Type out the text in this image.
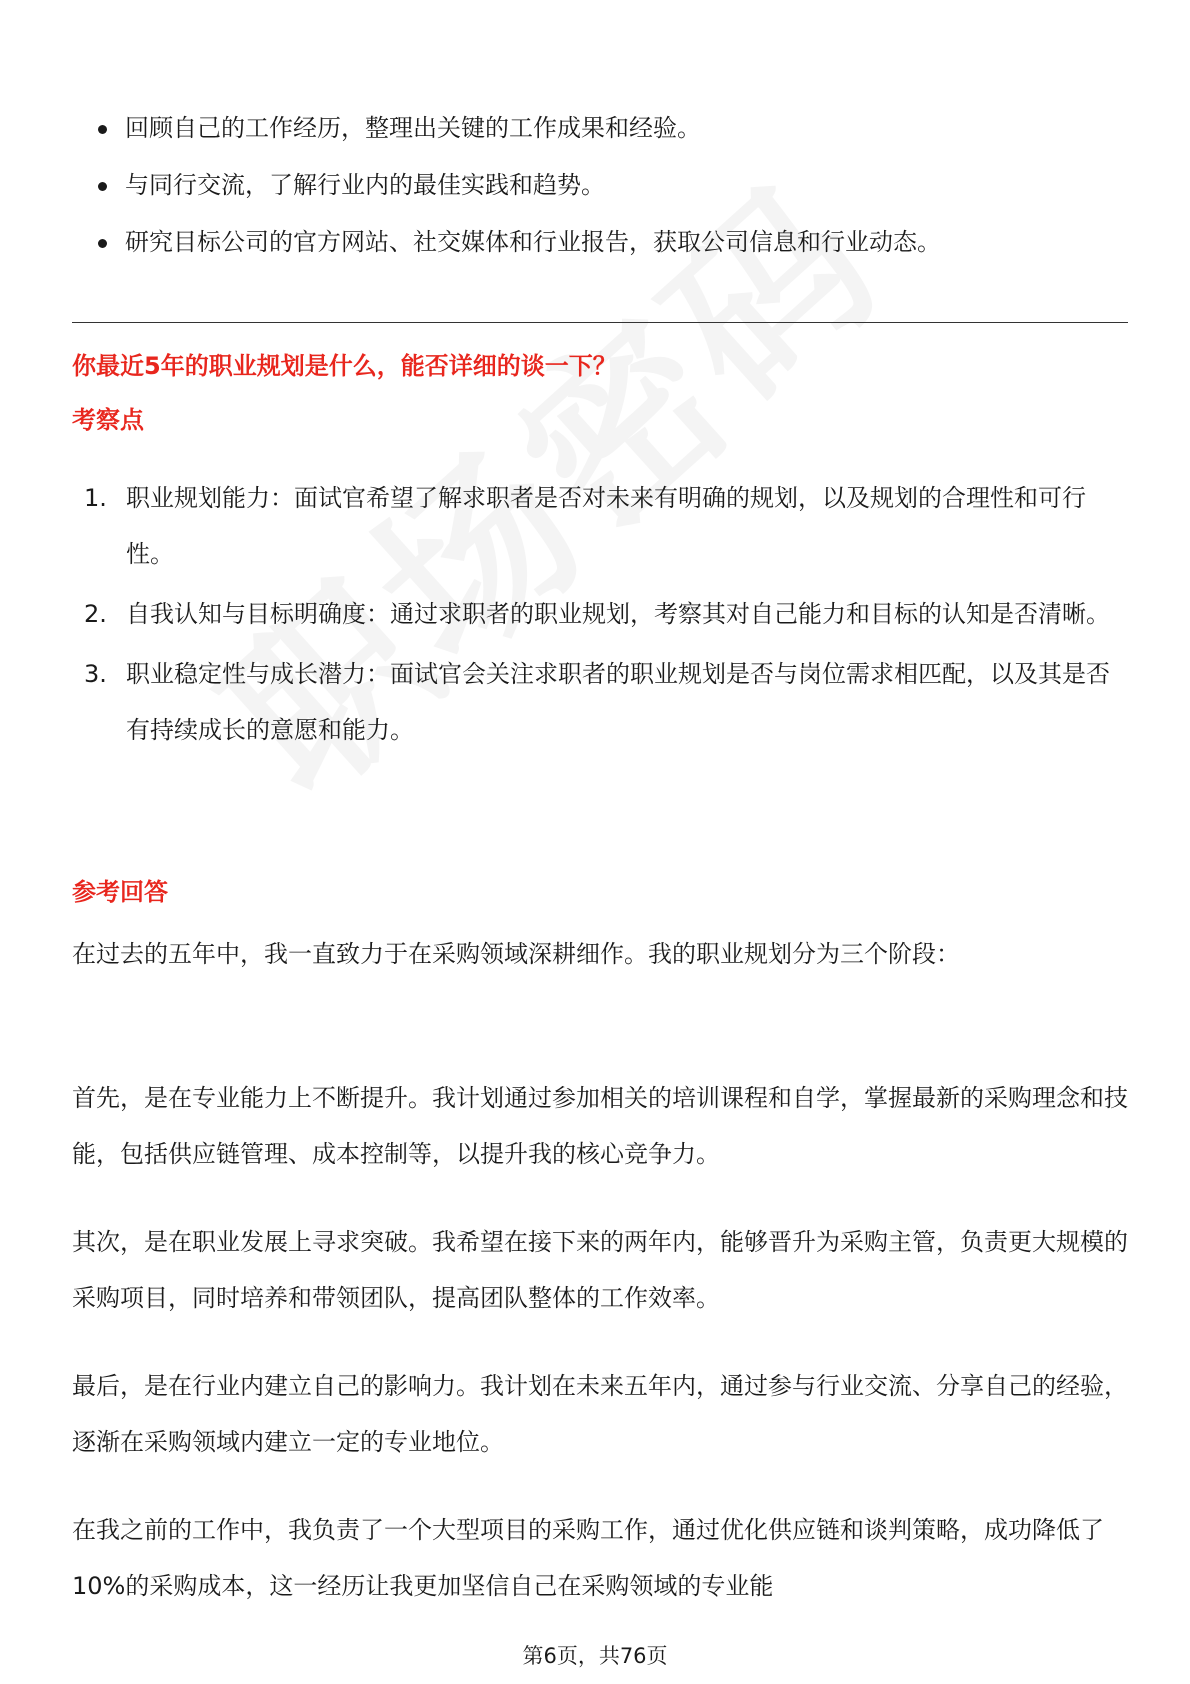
回顾自己的工作经历，整理出关键的工作成果和经验。
与同行交流，了解行业内的最佳实践和趋势。
研究目标公司的官方网站、社交媒体和行业报告，获取公司信息和行业动态。
你最近5年的职业规划是什么，能否详细的谈一下？
考察点
1. 职业规划能力：面试官希望了解求职者是否对未来有明确的规划，以及规划的合理性和可行性。
2. 自我认知与目标明确度：通过求职者的职业规划，考察其对自己能力和目标的认知是否清晰。
3. 职业稳定性与成长潜力：面试官会关注求职者的职业规划是否与岗位需求相匹配，以及其是否有持续成长的意愿和能力。
参考回答

在过去的五年中，我一直致力于在采购领域深耕细作。我的职业规划分为三个阶段：

首先，是在专业能力上不断提升。我计划通过参加相关的培训课程和自学，掌握最新的采购理念和技能，包括供应链管理、成本控制等，以提升我的核心竞争力。

其次，是在职业发展上寻求突破。我希望在接下来的两年内，能够晋升为采购主管，负责更大规模的采购项目，同时培养和带领团队，提高团队整体的工作效率。

最后，是在行业内建立自己的影响力。我计划在未来五年内，通过参与行业交流、分享自己的经验，逐渐在采购领域内建立一定的专业地位。

在我之前的工作中，我负责了一个大型项目的采购工作，通过优化供应链和谈判策略，成功降低了10%的采购成本，这一经历让我更加坚信自己在采购领域的专业能

第6页，共76页
